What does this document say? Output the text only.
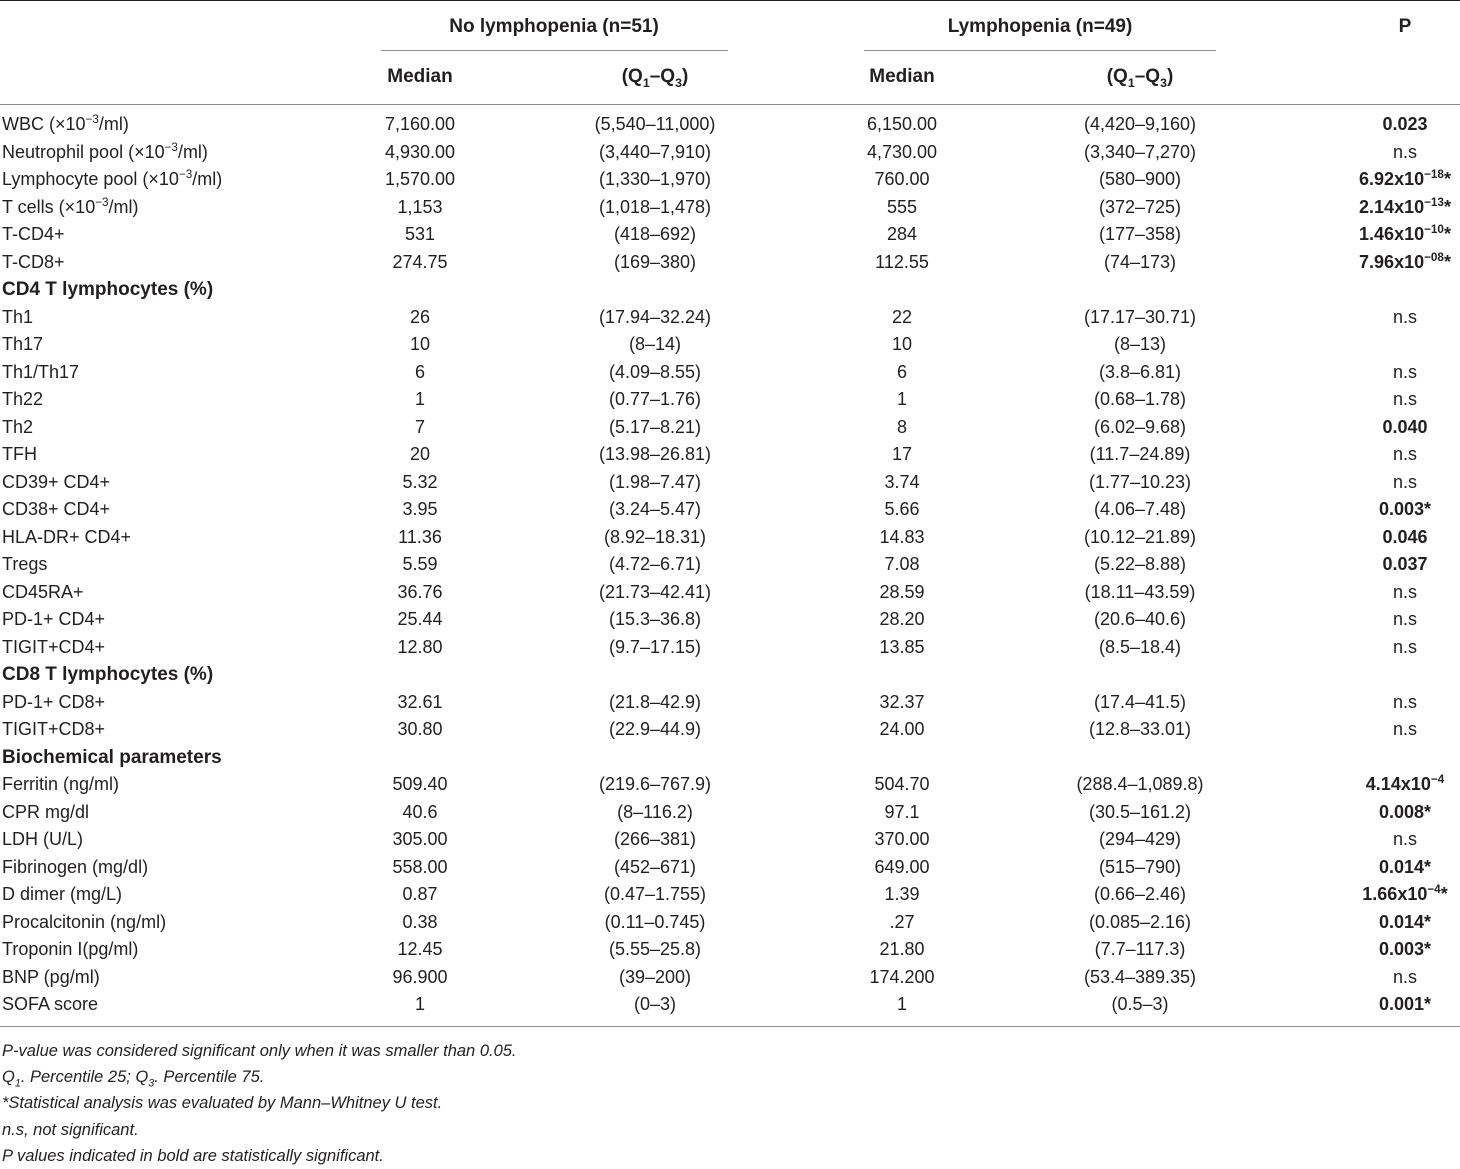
No lymphopenia (n=51)	Lymphopenia (n=49)	P
Median	$(Q_1-Q_3)$	Median	$(Q_1-Q_3)$
WBC $(\times 10^{-3}/ml)$	7,160.00	(5,540–11,000)	6,150.00	(4,420–9,160)	0.023
Neutrophil pool $(\times 10^{-3}/ml)$	4,930.00	(3,440–7,910)	4,730.00	(3,340–7,270)	n.s
Lymphocyte pool $(\times 10^{-3}/ml)$	1,570.00	(1,330–1,970)	760.00	(580–900)	$6.92x10^{-18}*$
T cells $(\times 10^{-3}/ml)$	1,153	(1,018–1,478)	555	(372–725)	$2.14x10^{-13}*$
T-CD4+	531	(418–692)	284	(177–358)	$1.46x10^{-10}*$
T-CD8+	274.75	(169–380)	112.55	(74–173)	$7.96x10^{-08}*$
CD4 T lymphocytes (%)
Th1	26	(17.94–32.24)	22	(17.17–30.71)	n.s
Th17	10	(8–14)	10	(8–13)
Th1/Th17	6	(4.09–8.55)	6	(3.8–6.81)	n.s
Th22	1	(0.77–1.76)	1	(0.68–1.78)	n.s
Th2	7	(5.17–8.21)	8	(6.02–9.68)	0.040
TFH	20	(13.98–26.81)	17	(11.7–24.89)	n.s
CD39+ CD4+	5.32	(1.98–7.47)	3.74	(1.77–10.23)	n.s
CD38+ CD4+	3.95	(3.24–5.47)	5.66	(4.06–7.48)	0.003*
HLA-DR+ CD4+	11.36	(8.92–18.31)	14.83	(10.12–21.89)	0.046
Tregs	5.59	(4.72–6.71)	7.08	(5.22–8.88)	0.037
CD45RA+	36.76	(21.73–42.41)	28.59	(18.11–43.59)	n.s
PD-1+ CD4+	25.44	(15.3–36.8)	28.20	(20.6–40.6)	n.s
TIGIT+CD4+	12.80	(9.7–17.15)	13.85	(8.5–18.4)	n.s
CD8 T lymphocytes (%)
PD-1+ CD8+	32.61	(21.8–42.9)	32.37	(17.4–41.5)	n.s
TIGIT+CD8+	30.80	(22.9–44.9)	24.00	(12.8–33.01)	n.s
Biochemical parameters
Ferritin (ng/ml)	509.40	(219.6–767.9)	504.70	(288.4–1,089.8)	$4.14x10^{-4}$
CPR mg/dl	40.6	(8–116.2)	97.1	(30.5–161.2)	0.008*
LDH (U/L)	305.00	(266–381)	370.00	(294–429)	n.s
Fibrinogen (mg/dl)	558.00	(452–671)	649.00	(515–790)	0.014*
D dimer (mg/L)	0.87	(0.47–1.755)	1.39	(0.66–2.46)	$1.66x10^{-4}*$
Procalcitonin (ng/ml)	0.38	(0.11–0.745)	.27	(0.085–2.16)	0.014*
Troponin I(pg/ml)	12.45	(5.55–25.8)	21.80	(7.7–117.3)	0.003*
BNP (pg/ml)	96.900	(39–200)	174.200	(53.4–389.35)	n.s
SOFA score	1	(0–3)	1	(0.5–3)	0.001*
P-value was considered significant only when it was smaller than 0.05.
$Q_1$. Percentile 25; $Q_3$. Percentile 75.
*Statistical analysis was evaluated by Mann–Whitney U test.
n.s, not significant.
P values indicated in bold are statistically significant.
